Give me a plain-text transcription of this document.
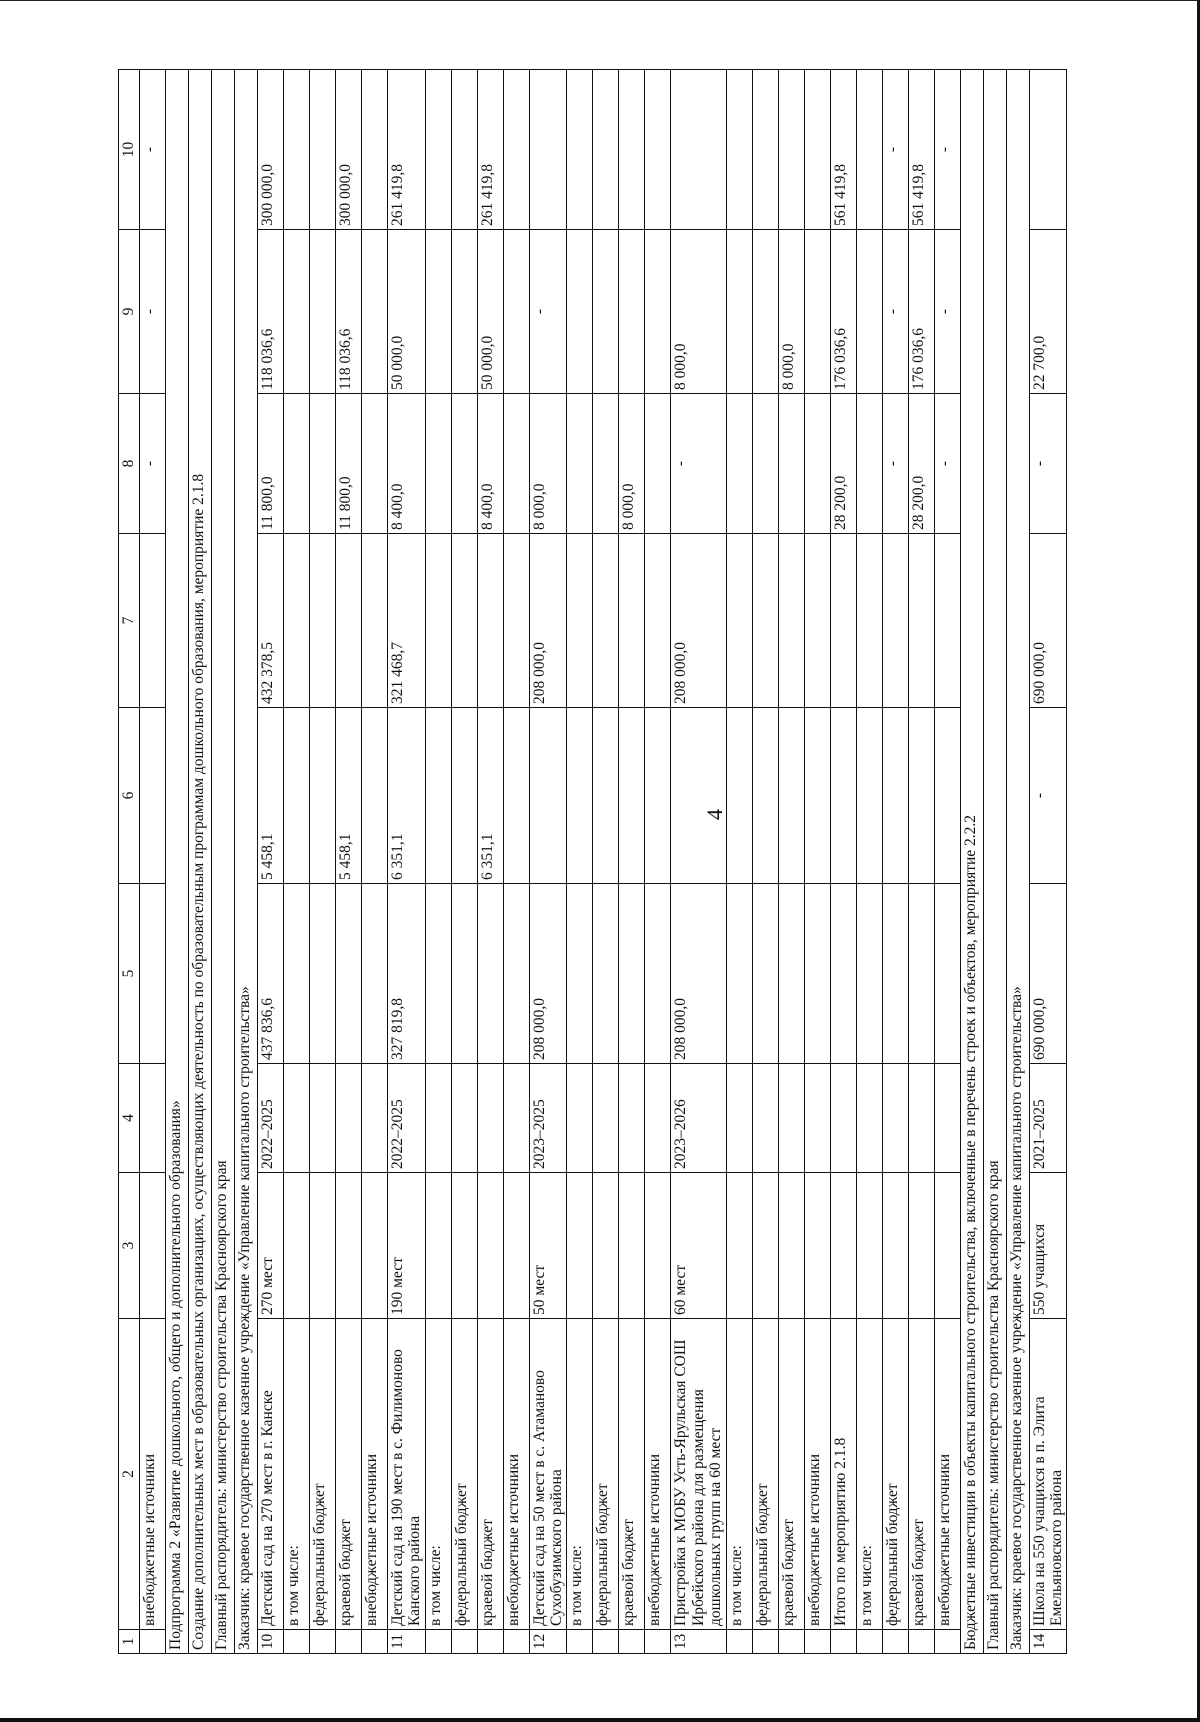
4
1	2	3	4	5	6	7	8	9	10
	внебюджетные источники						-	-	-
Подпрограмма 2 «Развитие дошкольного, общего и дополнительного образования»									
Создание дополнительных мест в образовательных организациях, осуществляющих деятельность по образовательным программам дошкольного образования, мероприятие 2.1.8									
Главный распорядитель: министерство строительства Красноярского края									
Заказчик: краевое государственное казенное учреждение «Управление капитального строительства»									
10	Детский сад на 270 мест в г. Канске	270 мест	2022–2025	437 836,6	5 458,1	432 378,5	11 800,0	118 036,6	300 000,0
	в том числе:								
	федеральный бюджет								
	краевой бюджет				5 458,1		11 800,0	118 036,6	300 000,0
	внебюджетные источники								
11	Детский сад на 190 мест в с. Филимоново Канского района	190 мест	2022–2025	327 819,8	6 351,1	321 468,7	8 400,0	50 000,0	261 419,8
	в том числе:								
	федеральный бюджет								
	краевой бюджет				6 351,1		8 400,0	50 000,0	261 419,8
	внебюджетные источники								
12	Детский сад на 50 мест в с. Атаманово Сухобузимского района	50 мест	2023–2025	208 000,0		208 000,0	8 000,0	-	
	в том числе:								
	федеральный бюджет								
	краевой бюджет						8 000,0		
	внебюджетные источники								
13	Пристройка к МОБУ Усть-Ярульская СОШ Ирбейского района для размещения дошкольных групп на 60 мест	60 мест	2023–2026	208 000,0		208 000,0	-	8 000,0	
	в том числе:								
	федеральный бюджет								
	краевой бюджет							8 000,0	
	внебюджетные источники								
	Итого по мероприятию 2.1.8						28 200,0	176 036,6	561 419,8
	в том числе:								
	федеральный бюджет						-	-	-
	краевой бюджет						28 200,0	176 036,6	561 419,8
	внебюджетные источники						-	-	-
Бюджетные инвестиции в объекты капитального строительства, включенные в перечень строек и объектов, мероприятие 2.2.2									
Главный распорядитель: министерство строительства Красноярского края									
Заказчик: краевое государственное казенное учреждение «Управление капитального строительства»									
14	Школа на 550 учащихся в п. Элита Емельяновского района	550 учащихся	2021–2025	690 000,0	-	690 000,0	-	22 700,0	
